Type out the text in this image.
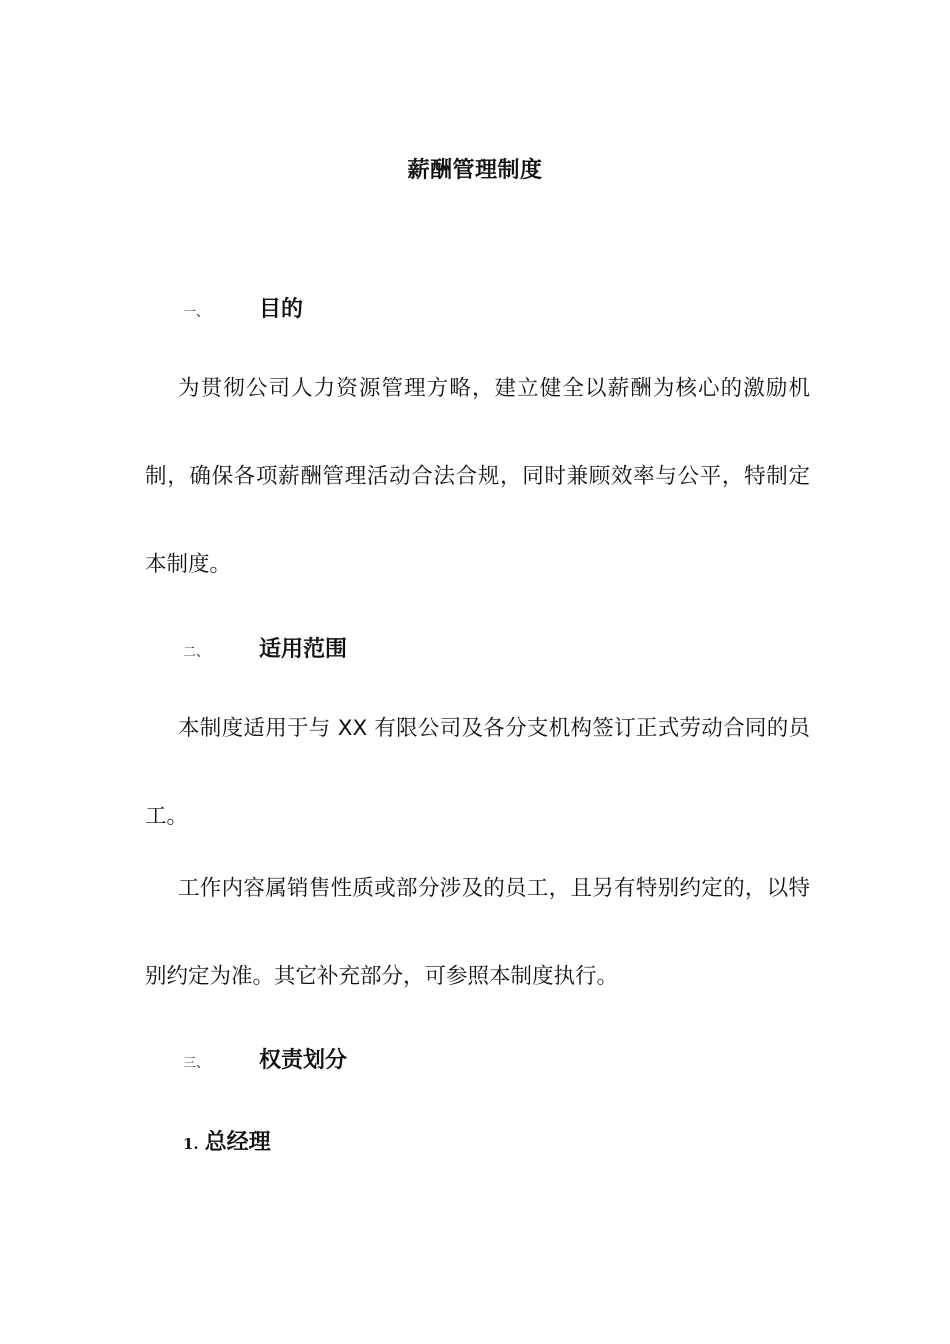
薪酬管理制度
一、	目的

为贯彻公司人力资源管理方略，建立健全以薪酬为核心的激励机制，确保各项薪酬管理活动合法合规，同时兼顾效率与公平，特制定本制度。

二、	适用范围

本制度适用于与 XX 有限公司及各分支机构签订正式劳动合同的员工。

工作内容属销售性质或部分涉及的员工，且另有特别约定的，以特别约定为准。其它补充部分，可参照本制度执行。

三、	权责划分
1. 总经理
